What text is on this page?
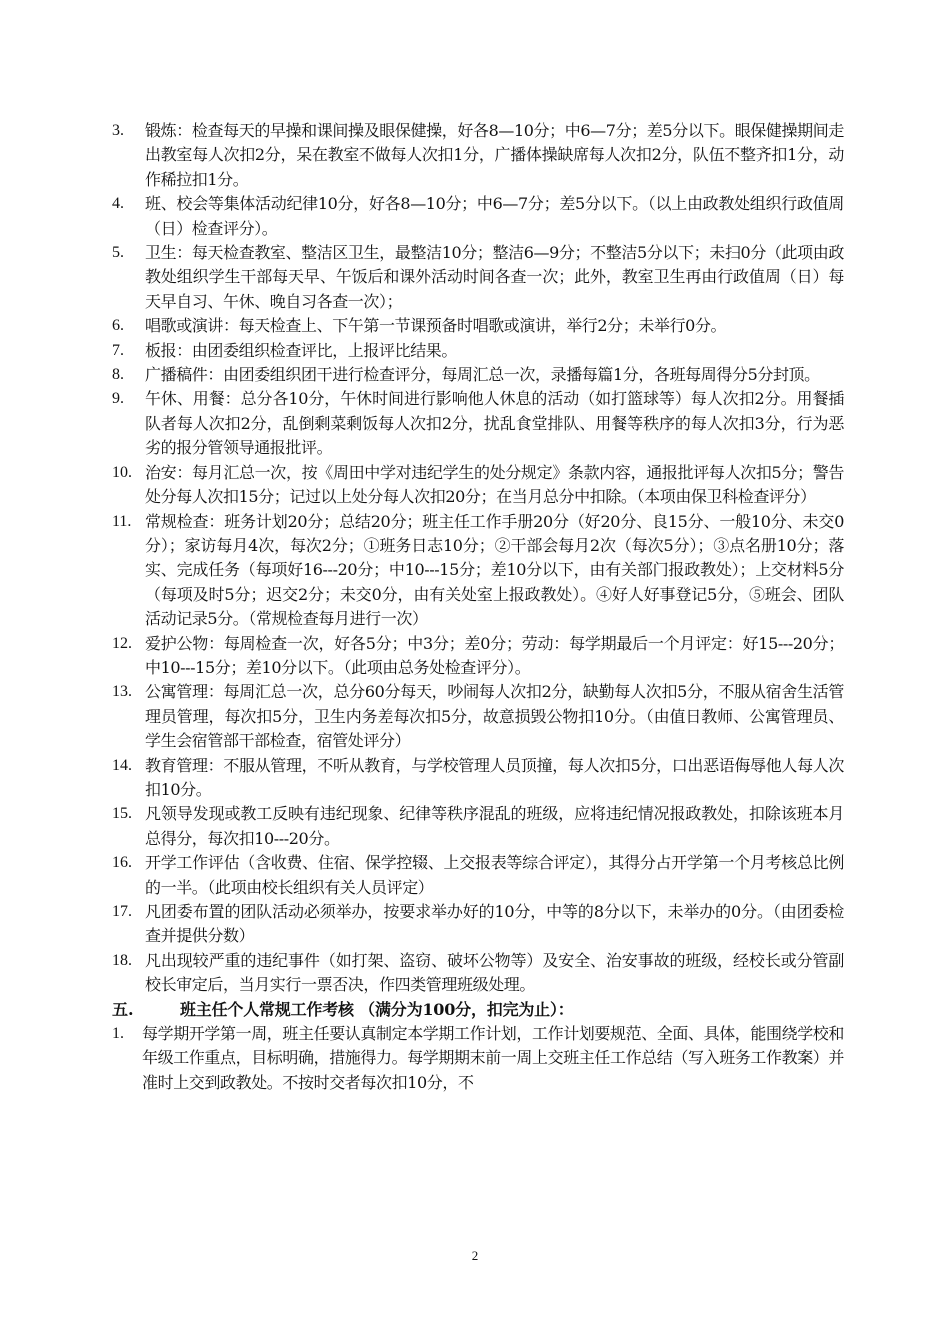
3.	锻炼：检查每天的早操和课间操及眼保健操，好各8—10分；中6—7分；差5分以下。眼保健操期间走出教室每人次扣2分，呆在教室不做每人次扣1分，广播体操缺席每人次扣2分，队伍不整齐扣1分，动作稀拉扣1分。
4.	班、校会等集体活动纪律10分，好各8—10分；中6—7分；差5分以下。（以上由政教处组织行政值周（日）检查评分）。
5.	卫生：每天检查教室、整洁区卫生，最整洁10分；整洁6—9分；不整洁5分以下；未扫0分（此项由政教处组织学生干部每天早、午饭后和课外活动时间各查一次；此外，教室卫生再由行政值周（日）每天早自习、午休、晚自习各查一次）；
6.	唱歌或演讲：每天检查上、下午第一节课预备时唱歌或演讲，举行2分；未举行0分。
7.	板报：由团委组织检查评比，上报评比结果。
8.	广播稿件：由团委组织团干进行检查评分，每周汇总一次，录播每篇1分，各班每周得分5分封顶。
9.	午休、用餐：总分各10分，午休时间进行影响他人休息的活动（如打篮球等）每人次扣2分。用餐插队者每人次扣2分，乱倒剩菜剩饭每人次扣2分，扰乱食堂排队、用餐等秩序的每人次扣3分，行为恶劣的报分管领导通报批评。
10. 治安：每月汇总一次，按《周田中学对违纪学生的处分规定》条款内容，通报批评每人次扣5分；警告处分每人次扣15分；记过以上处分每人次扣20分；在当月总分中扣除。（本项由保卫科检查评分）
11. 常规检查：班务计划20分；总结20分；班主任工作手册20分（好20分、良15分、一般10分、未交0分）；家访每月4次，每次2分；①班务日志10分；②干部会每月2次（每次5分）；③点名册10分；落实、完成任务（每项好16---20分；中10---15分；差10分以下，由有关部门报政教处）；上交材料5分（每项及时5分；迟交2分；未交0分，由有关处室上报政教处）。④好人好事登记5分，⑤班会、团队活动记录5分。（常规检查每月进行一次）
12. 爱护公物：每周检查一次，好各5分；中3分；差0分；劳动：每学期最后一个月评定：好15---20分；中10---15分；差10分以下。（此项由总务处检查评分）。
13. 公寓管理：每周汇总一次，总分60分每天，吵闹每人次扣2分，缺勤每人次扣5分，不服从宿舍生活管理员管理，每次扣5分，卫生内务差每次扣5分，故意损毁公物扣10分。（由值日教师、公寓管理员、学生会宿管部干部检查，宿管处评分）
14. 教育管理：不服从管理，不听从教育，与学校管理人员顶撞，每人次扣5分，口出恶语侮辱他人每人次扣10分。
15. 凡领导发现或教工反映有违纪现象、纪律等秩序混乱的班级，应将违纪情况报政教处，扣除该班本月总得分，每次扣10---20分。
16. 开学工作评估（含收费、住宿、保学控辍、上交报表等综合评定），其得分占开学第一个月考核总比例的一半。（此项由校长组织有关人员评定）
17. 凡团委布置的团队活动必须举办，按要求举办好的10分，中等的8分以下，未举办的0分。（由团委检查并提供分数）
18. 凡出现较严重的违纪事件（如打架、盗窃、破坏公物等）及安全、治安事故的班级，经校长或分管副校长审定后，当月实行一票否决，作四类管理班级处理。
五.	班主任个人常规工作考核 （满分为100分，扣完为止）：
1.	每学期开学第一周，班主任要认真制定本学期工作计划，工作计划要规范、全面、具体，能围绕学校和年级工作重点，目标明确，措施得力。每学期期末前一周上交班主任工作总结（写入班务工作教案）并准时上交到政教处。不按时交者每次扣10分，不
2
